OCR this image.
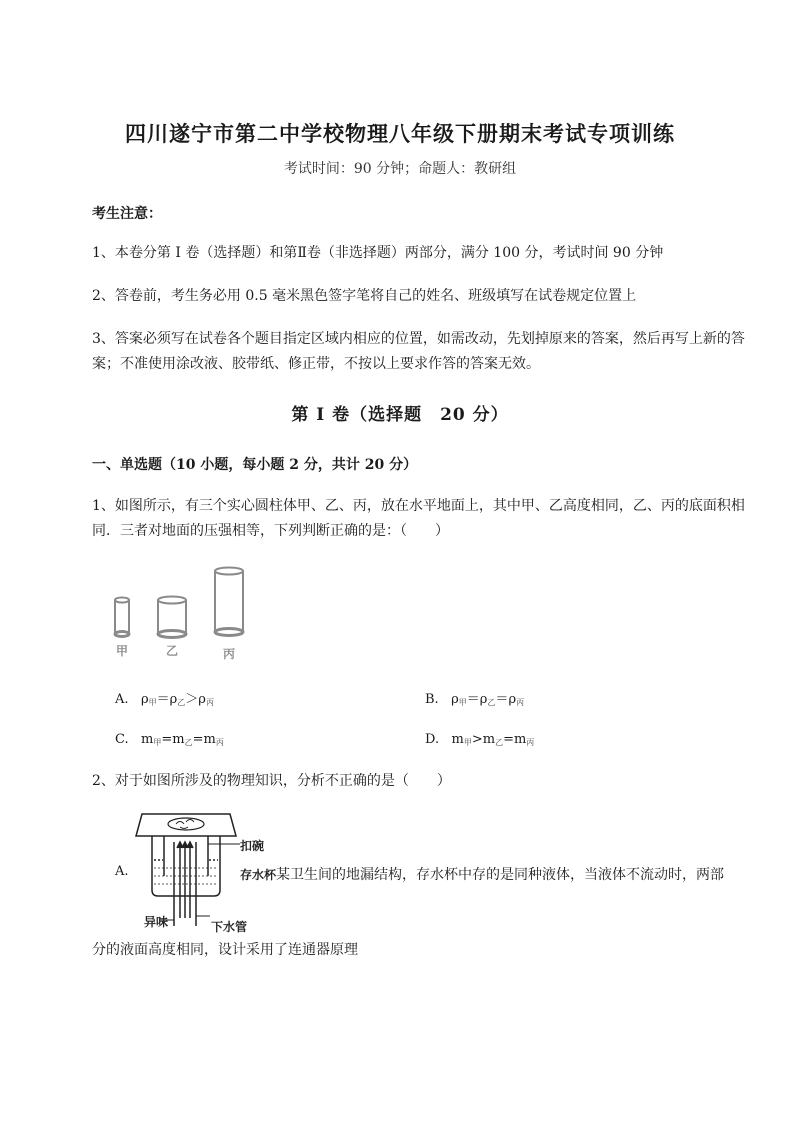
四川遂宁市第二中学校物理八年级下册期末考试专项训练
考试时间：90 分钟；命题人：教研组
考生注意：
1、本卷分第 I 卷（选择题）和第Ⅱ卷（非选择题）两部分，满分 100 分，考试时间 90 分钟
2、答卷前，考生务必用 0.5 毫米黑色签字笔将自己的姓名、班级填写在试卷规定位置上
3、答案必须写在试卷各个题目指定区域内相应的位置，如需改动，先划掉原来的答案，然后再写上新的答案；不准使用涂改液、胶带纸、修正带，不按以上要求作答的答案无效。
第 I 卷（选择题　20 分）
一、单选题（10 小题，每小题 2 分，共计 20 分）
1、如图所示，有三个实心圆柱体甲、乙、丙，放在水平地面上，其中甲、乙高度相同，乙、丙的底面积相同．三者对地面的压强相等，下列判断正确的是：（　　）
甲	乙	丙
A. $\rho_甲=\rho_乙>\rho_丙$	B. $\rho_甲=\rho_乙=\rho_丙$
C. $m_甲=m_乙=m_丙$	D. $m_甲>m_乙=m_丙$
2、对于如图所涉及的物理知识，分析不正确的是（　　）
A.
扣碗
下水管
异味
存水杯某卫生间的地漏结构，存水杯中存的是同种液体，当液体不流动时，两部
分的液面高度相同，设计采用了连通器原理
